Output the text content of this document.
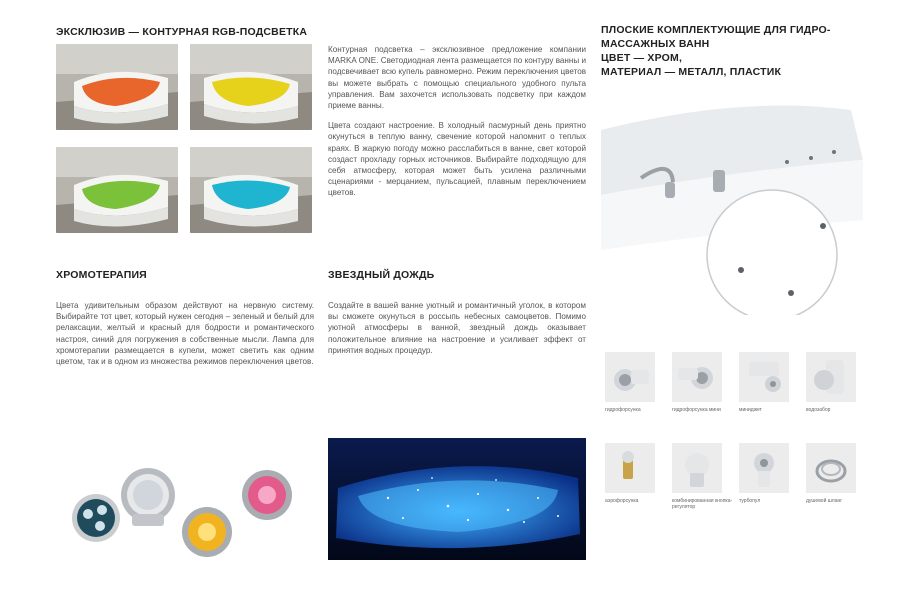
ЭКСКЛЮЗИВ — КОНТУРНАЯ RGB-ПОДСВЕТКА

Контурная подсветка – эксклюзивное предложение компании MARKA ONE. Светодиодная лента размещается по контуру ванны и подсвечивает всю купель равномерно. Режим переключения цветов вы можете выбрать с помощью специального удобного пульта управления. Вам захочется использовать подсветку при каждом приеме ванны.

Цвета создают настроение. В холодный пасмурный день приятно окунуться в теплую ванну, свечение которой напомнит о теплых краях. В жаркую погоду можно расслабиться в ванне, свет которой создаст прохладу горных источников. Выбирайте подходящую для себя атмосферу, которая может быть усилена различными сценариями - мерцанием, пульсацией, плавным переключением цветов.

ХРОМОТЕРАПИЯ

Цвета удивительным образом действуют на нервную систему. Выбирайте тот цвет, который нужен сегодня – зеленый и белый для релаксации, желтый и красный для бодрости и романтического настроя, синий для погружения в собственные мысли. Лампа для хромотерапии размещается в купели, может светить как одним цветом, так и в одном из множества режимов переключения цветов.

ЗВЕЗДНЫЙ ДОЖДЬ

Создайте в вашей ванне уютный и романтичный уголок, в котором вы сможете окунуться в россыпь небесных самоцветов. Помимо уютной атмосферы в ванной, звездный дождь оказывает положительное влияние на настроение и усиливает эффект от принятия водных процедур.

ПЛОСКИЕ КОМПЛЕКТУЮЩИЕ ДЛЯ ГИДРО-
МАССАЖНЫХ ВАНН
ЦВЕТ — ХРОМ,
МАТЕРИАЛ — МЕТАЛЛ, ПЛАСТИК
гидрофорсунка	гидрофорсунка мини	миниджет	водозабор
аэрофорсунка	комбинированная кнопка-регулятор
турбопул	душевой шланг
